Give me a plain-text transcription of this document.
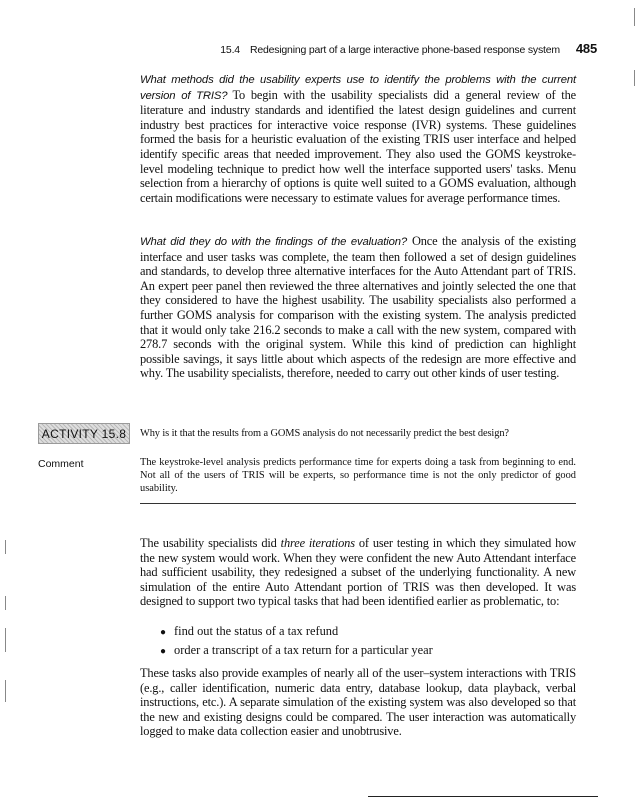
15.4 Redesigning part of a large interactive phone-based response system 485

What methods did the usability experts use to identify the problems with the current version of TRIS? To begin with the usability specialists did a general review of the literature and industry standards and identified the latest design guidelines and current industry best practices for interactive voice response (IVR) systems. These guidelines formed the basis for a heuristic evaluation of the existing TRIS user interface and helped identify specific areas that needed improvement. They also used the GOMS keystroke-level modeling technique to predict how well the interface supported users' tasks. Menu selection from a hierarchy of options is quite well suited to a GOMS evaluation, although certain modifications were necessary to estimate values for average performance times.

What did they do with the findings of the evaluation? Once the analysis of the existing interface and user tasks was complete, the team then followed a set of design guidelines and standards, to develop three alternative interfaces for the Auto Attendant part of TRIS. An expert peer panel then reviewed the three alternatives and jointly selected the one that they considered to have the highest usability. The usability specialists also performed a further GOMS analysis for comparison with the existing system. The analysis predicted that it would only take 216.2 seconds to make a call with the new system, compared with 278.7 seconds with the original system. While this kind of prediction can highlight possible savings, it says little about which aspects of the redesign are more effective and why. The usability specialists, therefore, needed to carry out other kinds of user testing.

ACTIVITY 15.8	Why is it that the results from a GOMS analysis do not necessarily predict the best design?
Comment	The keystroke-level analysis predicts performance time for experts doing a task from beginning to end. Not all of the users of TRIS will be experts, so performance time is not the only predictor of good usability.

The usability specialists did three iterations of user testing in which they simulated how the new system would work. When they were confident the new Auto Attendant interface had sufficient usability, they redesigned a subset of the underlying functionality. A new simulation of the entire Auto Attendant portion of TRIS was then developed. It was designed to support two typical tasks that had been identified earlier as problematic, to:

● find out the status of a tax refund
● order a transcript of a tax return for a particular year

These tasks also provide examples of nearly all of the user–system interactions with TRIS (e.g., caller identification, numeric data entry, database lookup, data playback, verbal instructions, etc.). A separate simulation of the existing system was also developed so that the new and existing designs could be compared. The user interaction was automatically logged to make data collection easier and unobtrusive.
